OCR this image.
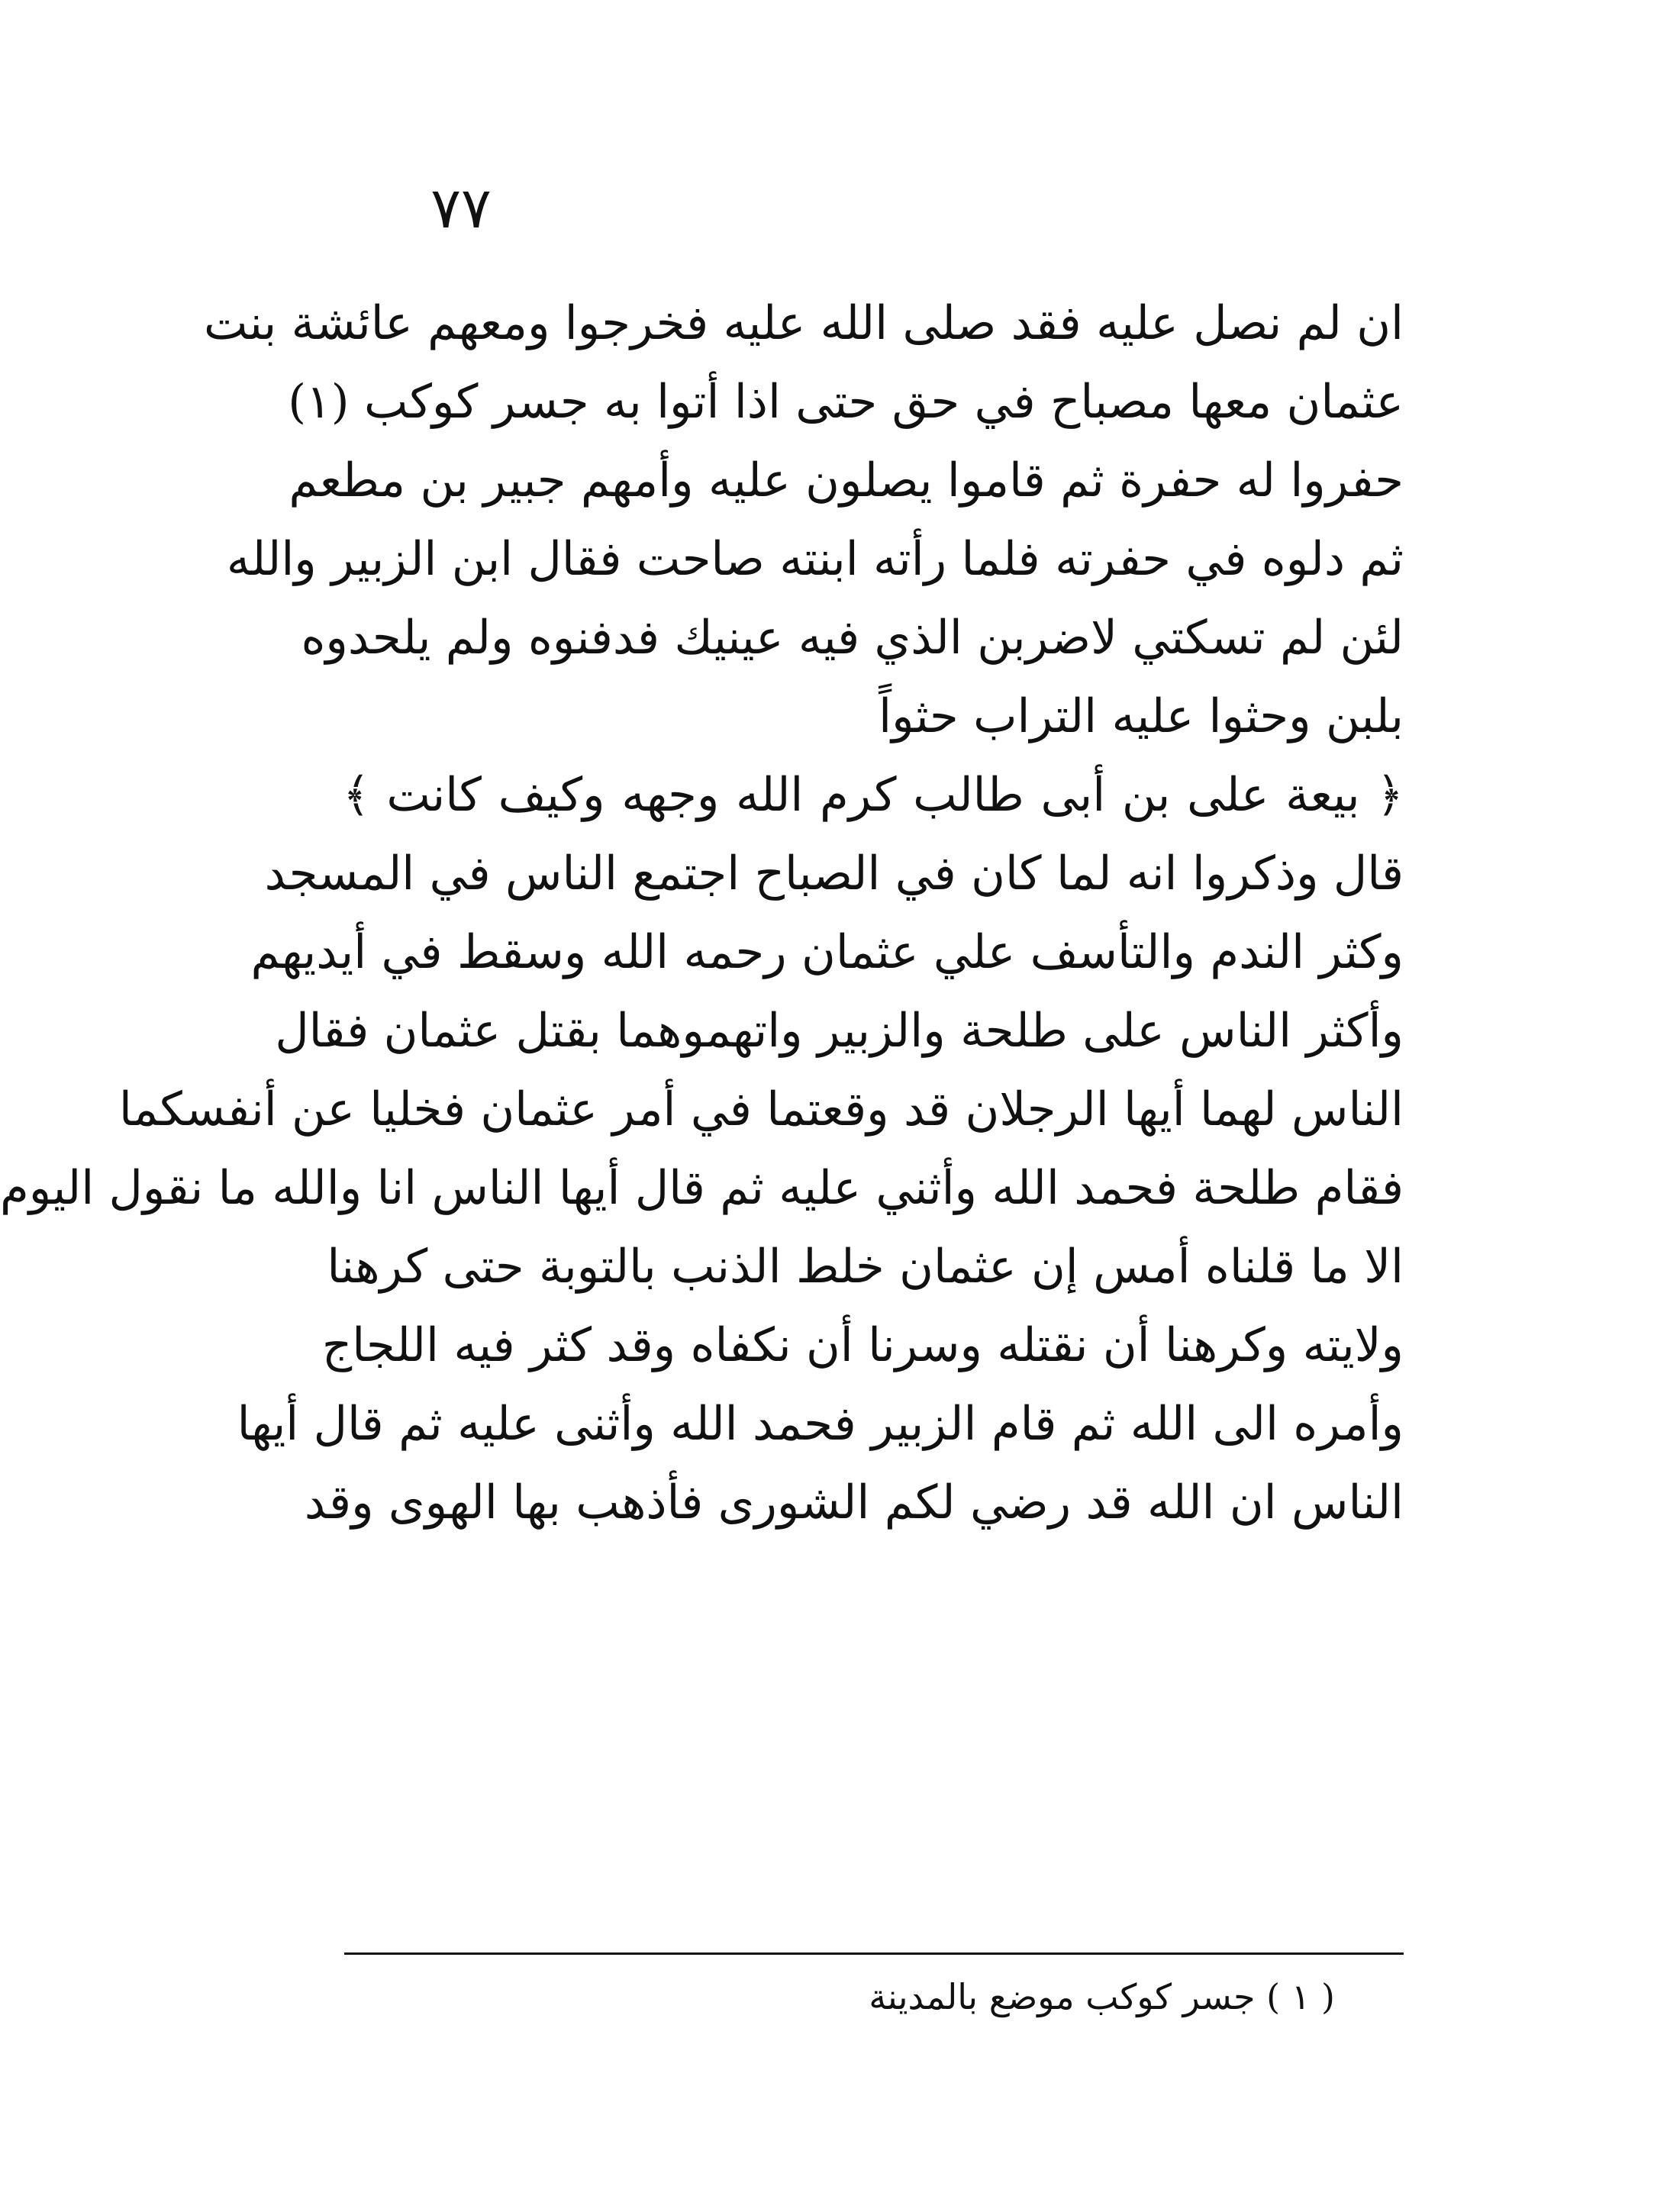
٧٧
ان لم نصل عليه فقد صلى الله عليه فخرجوا ومعهم عائشة بنت
عثمان معها مصباح في حق حتى اذا أتوا به جسر كوكب (١)
حفروا له حفرة ثم قاموا يصلون عليه وأمهم جبير بن مطعم
ثم دلوه في حفرته فلما رأته ابنته صاحت فقال ابن الزبير والله
لئن لم تسكتي لاضربن الذي فيه عينيك فدفنوه ولم يلحدوه
بلبن وحثوا عليه التراب حثواً
﴿ بيعة على بن أبى طالب كرم الله وجهه وكيف كانت ﴾
قال وذكروا انه لما كان في الصباح اجتمع الناس في المسجد
وكثر الندم والتأسف علي عثمان رحمه الله وسقط في أيديهم
وأكثر الناس على طلحة والزبير واتهموهما بقتل عثمان فقال
الناس لهما أيها الرجلان قد وقعتما في أمر عثمان فخليا عن أنفسكما
فقام طلحة فحمد الله وأثني عليه ثم قال أيها الناس انا والله ما نقول اليوم
الا ما قلناه أمس إن عثمان خلط الذنب بالتوبة حتى كرهنا
ولايته وكرهنا أن نقتله وسرنا أن نكفاه وقد كثر فيه اللجاج
وأمره الى الله ثم قام الزبير فحمد الله وأثنى عليه ثم قال أيها
الناس ان الله قد رضي لكم الشورى فأذهب بها الهوى وقد
( ١ ) جسر كوكب موضع بالمدينة
